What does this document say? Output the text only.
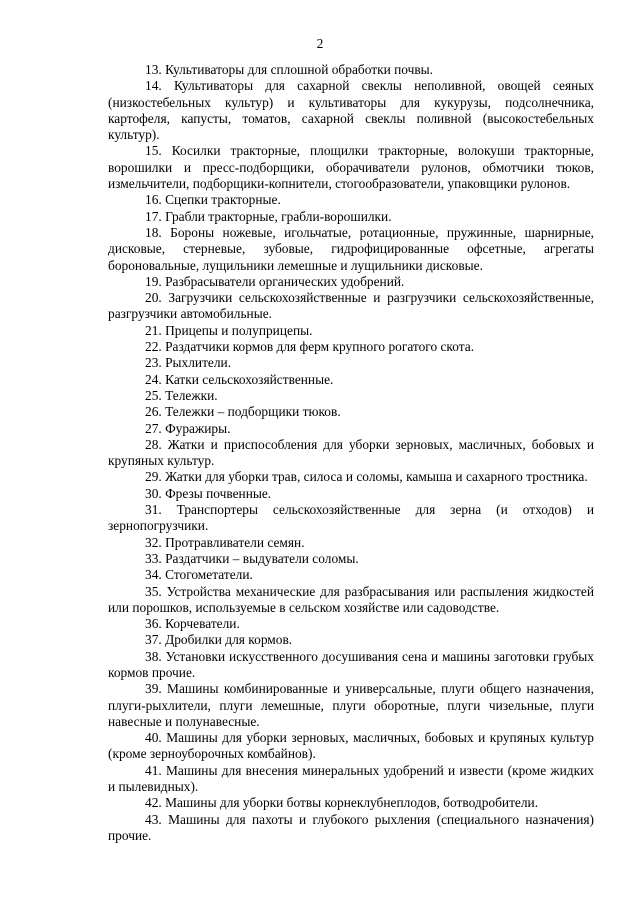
2

13. Культиваторы для сплошной обработки почвы.

14. Культиваторы для сахарной свеклы неполивной, овощей сеяных (низкостебельных культур) и культиваторы для кукурузы, подсолнечника, картофеля, капусты, томатов, сахарной свеклы поливной (высокостебельных культур).

15. Косилки тракторные, площилки тракторные, волокуши тракторные, ворошилки и пресс-подборщики, оборачиватели рулонов, обмотчики тюков, измельчители, подборщики-копнители, стогообразователи, упаковщики рулонов.

16. Сцепки тракторные.

17. Грабли тракторные, грабли-ворошилки.

18. Бороны ножевые, игольчатые, ротационные, пружинные, шарнирные, дисковые, стерневые, зубовые, гидрофицированные офсетные, агрегаты бороновальные, лущильники лемешные и лущильники дисковые.

19. Разбрасыватели органических удобрений.

20. Загрузчики сельскохозяйственные и разгрузчики сельскохозяйственные, разгрузчики автомобильные.

21. Прицепы и полуприцепы.

22. Раздатчики кормов для ферм крупного рогатого скота.

23. Рыхлители.

24. Катки сельскохозяйственные.

25. Тележки.

26. Тележки – подборщики тюков.

27. Фуражиры.

28. Жатки и приспособления для уборки зерновых, масличных, бобовых и крупяных культур.

29. Жатки для уборки трав, силоса и соломы, камыша и сахарного тростника.

30. Фрезы почвенные.

31. Транспортеры сельскохозяйственные для зерна (и отходов) и зернопогрузчики.

32. Протравливатели семян.

33. Раздатчики – выдуватели соломы.

34. Стогометатели.

35. Устройства механические для разбрасывания или распыления жидкостей или порошков, используемые в сельском хозяйстве или садоводстве.

36. Корчеватели.

37. Дробилки для кормов.

38. Установки искусственного досушивания сена и машины заготовки грубых кормов прочие.

39. Машины комбинированные и универсальные, плуги общего назначения, плуги-рыхлители, плуги лемешные, плуги оборотные, плуги чизельные, плуги навесные и полунавесные.

40. Машины для уборки зерновых, масличных, бобовых и крупяных культур (кроме зерноуборочных комбайнов).

41. Машины для внесения минеральных удобрений и извести (кроме жидких и пылевидных).

42. Машины для уборки ботвы корнеклубнеплодов, ботводробители.

43. Машины для пахоты и глубокого рыхления (специального назначения) прочие.
